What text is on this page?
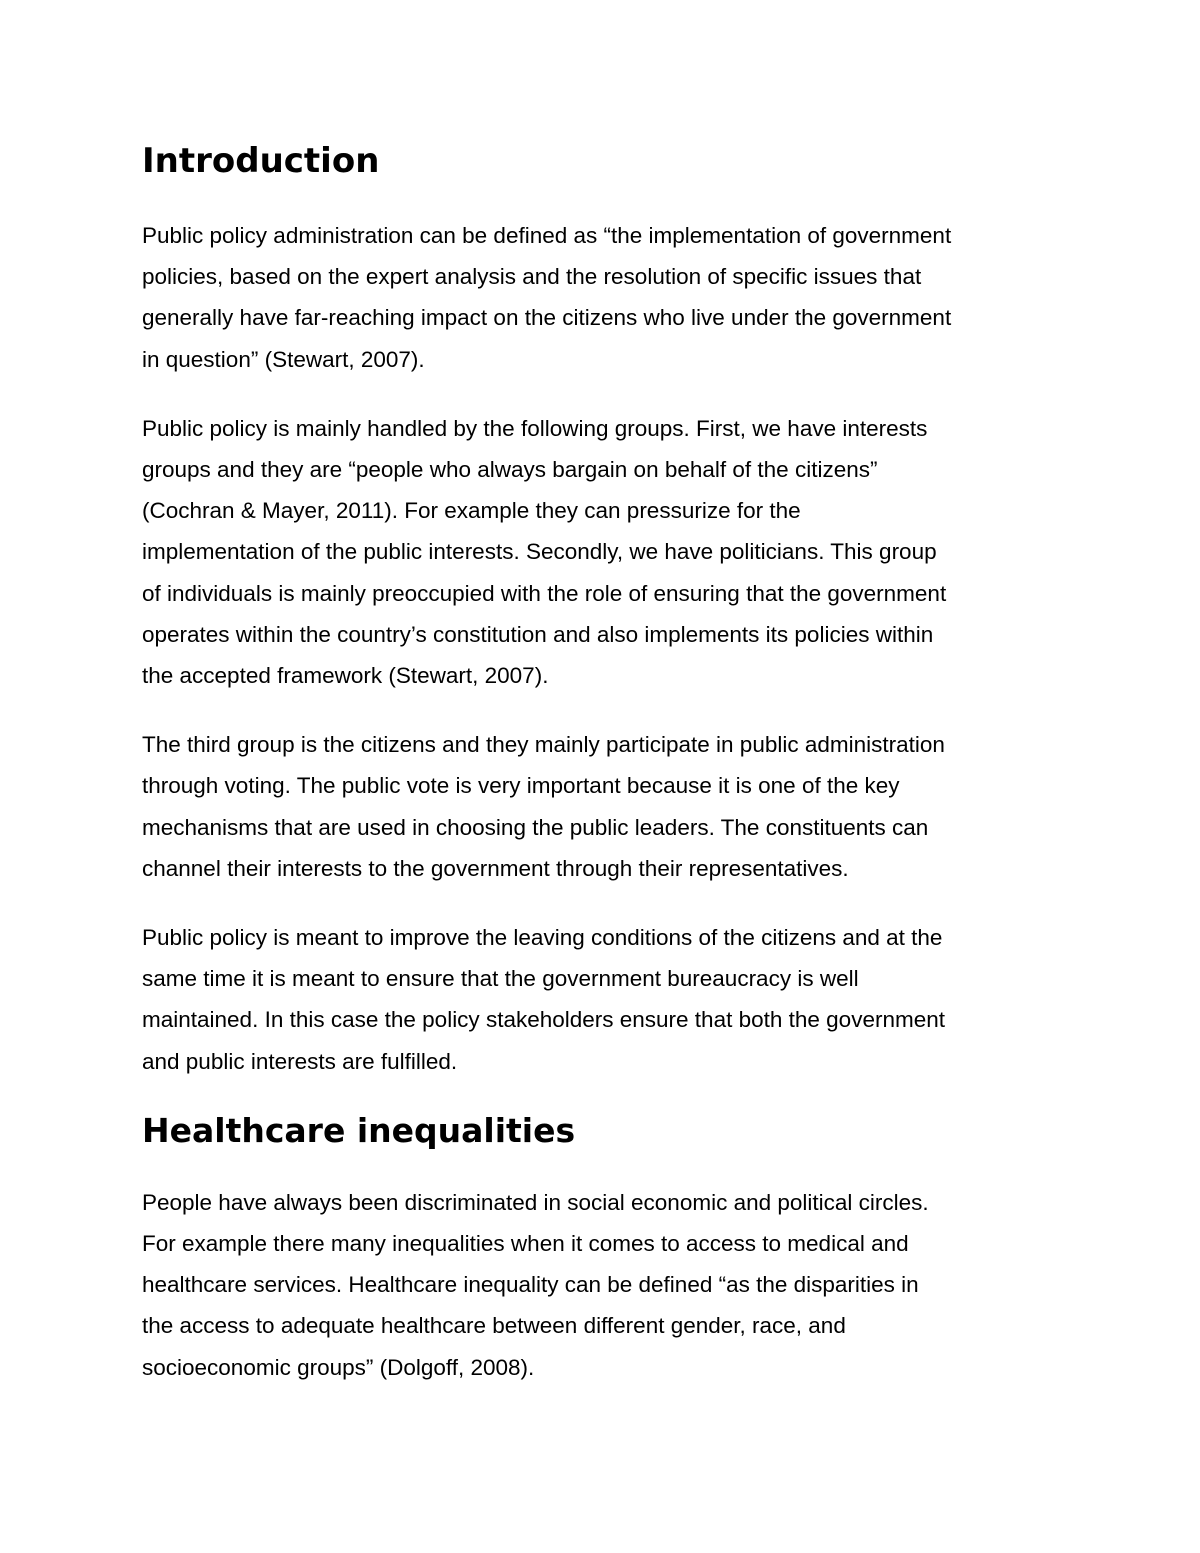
Introduction

Public policy administration can be defined as “the implementation of government
policies, based on the expert analysis and the resolution of specific issues that
generally have far-reaching impact on the citizens who live under the government
in question” (Stewart, 2007).

Public policy is mainly handled by the following groups. First, we have interests
groups and they are “people who always bargain on behalf of the citizens”
(Cochran & Mayer, 2011). For example they can pressurize for the
implementation of the public interests. Secondly, we have politicians. This group
of individuals is mainly preoccupied with the role of ensuring that the government
operates within the country’s constitution and also implements its policies within
the accepted framework (Stewart, 2007).

The third group is the citizens and they mainly participate in public administration
through voting. The public vote is very important because it is one of the key
mechanisms that are used in choosing the public leaders. The constituents can
channel their interests to the government through their representatives.

Public policy is meant to improve the leaving conditions of the citizens and at the
same time it is meant to ensure that the government bureaucracy is well
maintained. In this case the policy stakeholders ensure that both the government
and public interests are fulfilled.

Healthcare inequalities

People have always been discriminated in social economic and political circles.
For example there many inequalities when it comes to access to medical and
healthcare services. Healthcare inequality can be defined “as the disparities in
the access to adequate healthcare between different gender, race, and
socioeconomic groups” (Dolgoff, 2008).
